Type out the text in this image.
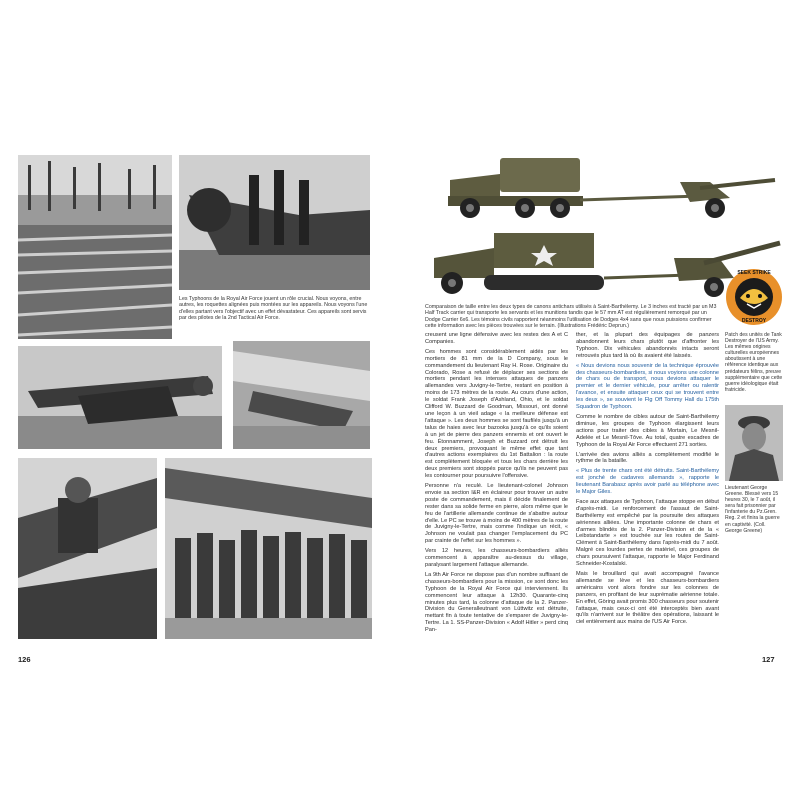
Les Typhoons de la Royal Air Force jouent un rôle crucial. Nous voyons, entre autres, les roquettes alignées puis montées sur les appareils. Nous voyons l'une d'elles partant vers l'objectif avec un effet dévastateur. Ces appareils sont servis par des pilotes de la 2nd Tactical Air Force.
126
Comparaison de taille entre les deux types de canons antichars utilisés à Saint-Barthélemy. Le 3 inches est tracté par un M3 Half Track carrier qui transporte les servants et les munitions tandis que le 57 mm AT est régulièrement remorqué par un Dodge Carrier 6x6. Les témoins civils rapportent néanmoins l'utilisation de Dodges 4x4 sans que nous puissions confirmer cette information avec les pièces trouvées sur le terrain. (Illustrations Frédéric Deprun.)
SEEK STRIKE
DESTROY
Patch des unités de Tank Destroyer de l'US Army. Les mêmes origines culturelles européennes aboutissent à une référence identique aux prédateurs félins, preuve supplémentaire que cette guerre idéologique était fratricide.
Lieutenant George Greene. Blessé vers 15 heures 30, le 7 août, il sera fait prisonnier par l'infanterie du Pz.Gren. Reg. 2 et finira la guerre en captivité. (Coll. George Greene)

creusent une ligne défensive avec les restes des A et C Companies.

Ces hommes sont considérablement aidés par les mortiers de 81 mm de la D Company, sous le commandement du lieutenant Ray H. Rose. Originaire du Colorado, Rose a refusé de déplacer ses sections de mortiers pendant les intenses attaques de panzers allemandes vers Juvigny-le-Tertre, restant en position à moins de 173 mètres de la route. Au cours d'une action, le soldat Frank Joseph d'Ashland, Ohio, et le soldat Clifford W. Buzzard de Goodman, Missouri, ont donné une leçon à un vieil adage « la meilleure défense est l'attaque ». Les deux hommes se sont faufilés jusqu'à un talus de haies avec leur bazooka jusqu'à ce qu'ils soient à un jet de pierre des panzers ennemis et ont ouvert le feu. Étonnamment, Joseph et Buzzard ont détruit les deux premiers, provoquant le même effet que tant d'autres actions exemplaires du 1st Battalion : la route est complètement bloquée et tous les chars derrière les deux premiers sont stoppés parce qu'ils ne peuvent pas les contourner pour poursuivre l'offensive.

Personne n'a reculé. Le lieutenant-colonel Johnson envoie sa section I&R en éclaireur pour trouver un autre poste de commandement, mais il décide finalement de rester dans sa solide ferme en pierre, alors même que le feu de l'artillerie allemande continue de s'abattre autour d'elle. Le PC se trouve à moins de 400 mètres de la route de Juvigny-le-Tertre, mais comme l'indique un récit, « Johnson ne voulait pas changer l'emplacement du PC par crainte de l'effet sur les hommes ».

Vers 12 heures, les chasseurs-bombardiers alliés commencent à apparaître au-dessus du village, paralysant largement l'attaque allemande.

La 9th Air Force ne dispose pas d'un nombre suffisant de chasseurs-bombardiers pour la mission, ce sont donc les Typhoon de la Royal Air Force qui interviennent. Ils commencent leur attaque à 12h30. Quarante-cinq minutes plus tard, la colonne d'attaque de la 2. Panzer-Division du Generalleutnant von Lüttwitz est détruite, mettant fin à toute tentative de s'emparer de Juvigny-le-Tertre. La 1. SS-Panzer-Division « Adolf Hitler » perd cinq Pan-

ther, et la plupart des équipages de panzers abandonnent leurs chars plutôt que d'affronter les Typhoon. Dix véhicules abandonnés intacts seront retrouvés plus tard là où ils avaient été laissés.

« Nous devions nous souvenir de la technique éprouvée des chasseurs-bombardiers, si nous voyions une colonne de chars ou de transport, nous devions attaquer le premier et le dernier véhicule, pour arrêter ou ralentir l'avance, et ensuite attaquer ceux qui se trouvent entre les deux », se souvient le Flg Off Tommy Hall du 175th Squadron de Typhoon.

Comme le nombre de cibles autour de Saint-Barthélemy diminue, les groupes de Typhoon élargissent leurs actions pour traiter des cibles à Mortain, Le Mesnil-Adelée et Le Mesnil-Tôve. Au total, quatre escadres de Typhoon de la Royal Air Force effectuent 271 sorties.

L'arrivée des avions alliés a complètement modifié le rythme de la bataille.

« Plus de trente chars ont été détruits. Saint-Barthélemy est jonché de cadavres allemands », rapporte le lieutenant Barabasz après avoir parlé au téléphone avec le Major Giles.

Face aux attaques de Typhoon, l'attaque stoppe en début d'après-midi. Le renforcement de l'assaut de Saint-Barthélemy est empêché par la poursuite des attaques aériennes alliées. Une importante colonne de chars et d'armes blindés de la 2. Panzer-Division et de la « Leibstandarte » est touchée sur les routes de Saint-Clément à Saint-Barthélemy dans l'après-midi du 7 août. Malgré ces lourdes pertes de matériel, ces groupes de chars poursuivent l'attaque, rapporte le Major Ferdinand Schneider-Kostalski.

Mais le brouillard qui avait accompagné l'avance allemande se lève et les chasseurs-bombardiers américains vont alors fondre sur les colonnes de panzers, en profitant de leur suprématie aérienne totale. En effet, Göring avait promis 300 chasseurs pour soutenir l'attaque, mais ceux-ci ont été interceptés bien avant qu'ils n'arrivent sur le théâtre des opérations, laissant le ciel entièrement aux mains de l'US Air Force.

127
